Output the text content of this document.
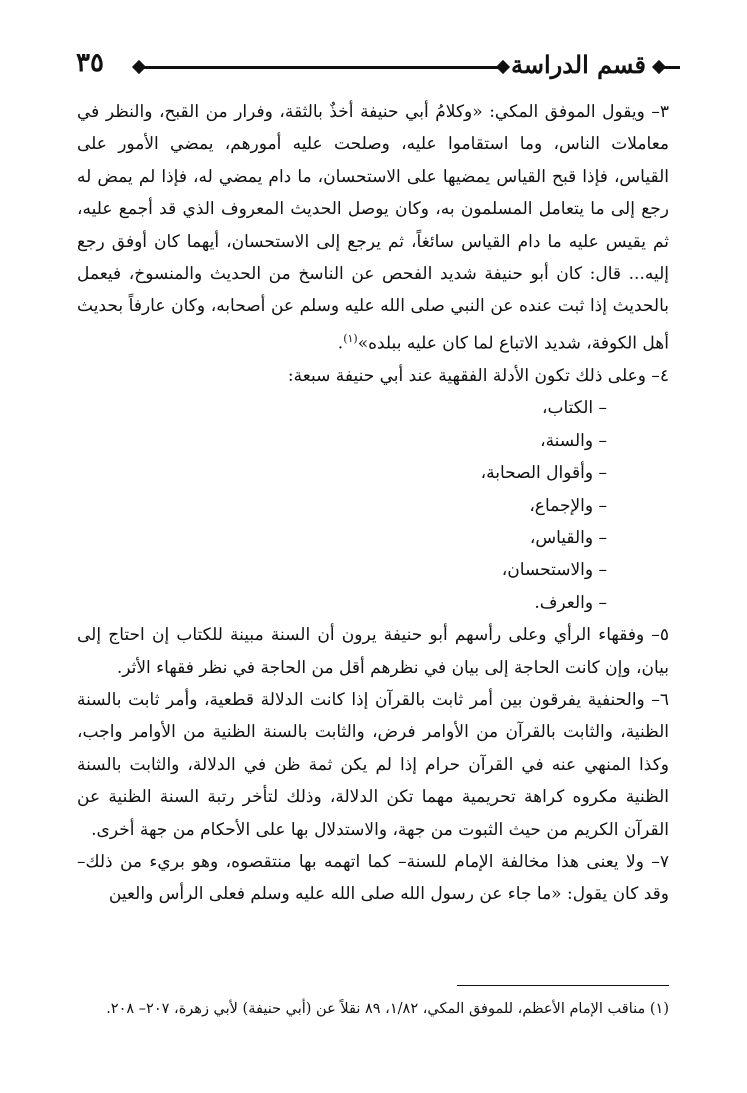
قسم الدراسة
٣٥

٣– ويقول الموفق المكي: «وكلامُ أبي حنيفة أخذٌ بالثقة، وفرار من القبح، والنظر في معاملات الناس، وما استقاموا عليه، وصلحت عليه أمورهم، يمضي الأمور على القياس، فإذا قبح القياس يمضيها على الاستحسان، ما دام يمضي له، فإذا لم يمض له رجع إلى ما يتعامل المسلمون به، وكان يوصل الحديث المعروف الذي قد أجمع عليه، ثم يقيس عليه ما دام القياس سائغاً، ثم يرجع إلى الاستحسان، أيهما كان أوفق رجع إليه... قال: كان أبو حنيفة شديد الفحص عن الناسخ من الحديث والمنسوخ، فيعمل بالحديث إذا ثبت عنده عن النبي صلى الله عليه وسلم عن أصحابه، وكان عارفاً بحديث أهل الكوفة، شديد الاتباع لما كان عليه ببلده»$^{(١)}$.

٤– وعلى ذلك تكون الأدلة الفقهية عند أبي حنيفة سبعة:

– الكتاب،

– والسنة،

– وأقوال الصحابة،

– والإجماع،

– والقياس،

– والاستحسان،

– والعرف.

٥– وفقهاء الرأي وعلى رأسهم أبو حنيفة يرون أن السنة مبينة للكتاب إن احتاج إلى بيان، وإن كانت الحاجة إلى بيان في نظرهم أقل من الحاجة في نظر فقهاء الأثر.

٦– والحنفية يفرقون بين أمر ثابت بالقرآن إذا كانت الدلالة قطعية، وأمر ثابت بالسنة الظنية، والثابت بالقرآن من الأوامر فرض، والثابت بالسنة الظنية من الأوامر واجب، وكذا المنهي عنه في القرآن حرام إذا لم يكن ثمة ظن في الدلالة، والثابت بالسنة الظنية مكروه كراهة تحريمية مهما تكن الدلالة، وذلك لتأخر رتبة السنة الظنية عن القرآن الكريم من حيث الثبوت من جهة، والاستدلال بها على الأحكام من جهة أخرى.

٧– ولا يعنى هذا مخالفة الإمام للسنة– كما اتهمه بها منتقصوه، وهو بريء من ذلك– وقد كان يقول: «ما جاء عن رسول الله صلى الله عليه وسلم فعلى الرأس والعين

(١) مناقب الإمام الأعظم، للموفق المكي، ١/٨٢، ٨٩ نقلاً عن (أبي حنيفة) لأبي زهرة، ٢٠٧– ٢٠٨.
